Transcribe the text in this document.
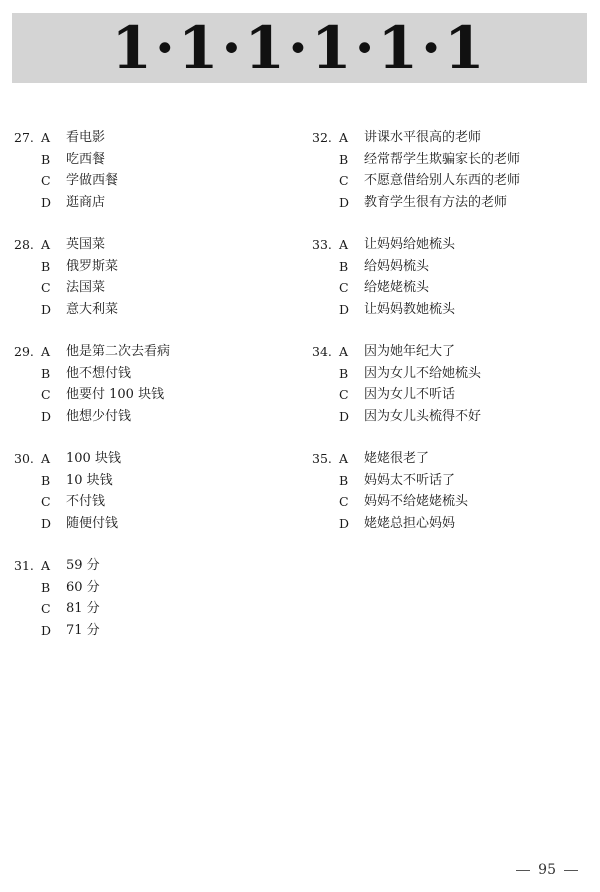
1·1·1·1·1·1
27. A	看电影
B	吃西餐
C	学做西餐
D	逛商店
28. A	英国菜
B	俄罗斯菜
C	法国菜
D	意大利菜
29. A	他是第二次去看病
B	他不想付钱
C	他要付 100 块钱
D	他想少付钱
30. A	100 块钱
B	10 块钱
C	不付钱
D	随便付钱
31. A	59 分
B	60 分
C	81 分
D	71 分
32. A	讲课水平很高的老师
B	经常帮学生欺骗家长的老师
C	不愿意借给别人东西的老师
D	教育学生很有方法的老师
33. A	让妈妈给她梳头
B	给妈妈梳头
C	给姥姥梳头
D	让妈妈教她梳头
34. A	因为她年纪大了
B	因为女儿不给她梳头
C	因为女儿不听话
D	因为女儿头梳得不好
35. A	姥姥很老了
B	妈妈太不听话了
C	妈妈不给姥姥梳头
D	姥姥总担心妈妈
95
